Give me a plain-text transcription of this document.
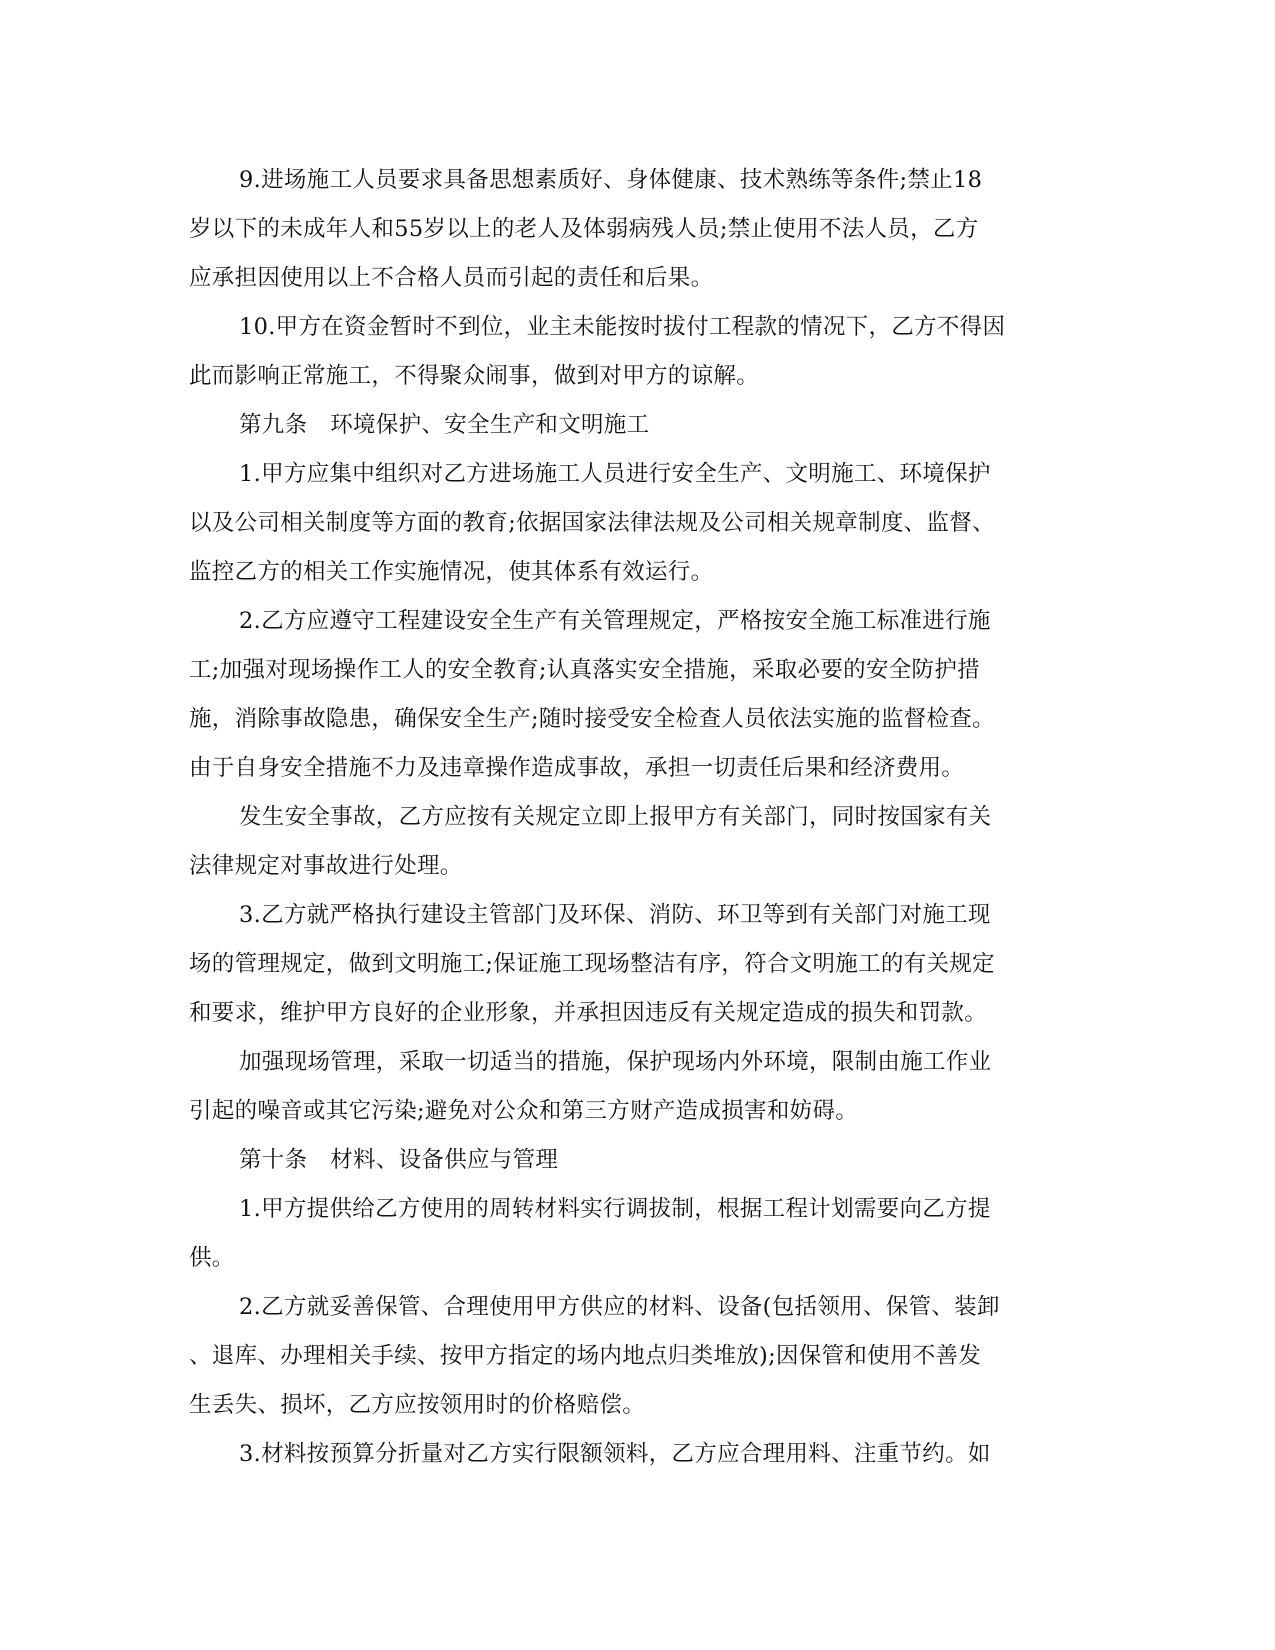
9.进场施工人员要求具备思想素质好、身体健康、技术熟练等条件;禁止18
岁以下的未成年人和55岁以上的老人及体弱病残人员;禁止使用不法人员，乙方
应承担因使用以上不合格人员而引起的责任和后果。
10.甲方在资金暂时不到位，业主未能按时拔付工程款的情况下，乙方不得因
此而影响正常施工，不得聚众闹事，做到对甲方的谅解。
第九条　环境保护、安全生产和文明施工
1.甲方应集中组织对乙方进场施工人员进行安全生产、文明施工、环境保护
以及公司相关制度等方面的教育;依据国家法律法规及公司相关规章制度、监督、
监控乙方的相关工作实施情况，使其体系有效运行。
2.乙方应遵守工程建设安全生产有关管理规定，严格按安全施工标准进行施
工;加强对现场操作工人的安全教育;认真落实安全措施，采取必要的安全防护措
施，消除事故隐患，确保安全生产;随时接受安全检查人员依法实施的监督检查。
由于自身安全措施不力及违章操作造成事故，承担一切责任后果和经济费用。
发生安全事故，乙方应按有关规定立即上报甲方有关部门，同时按国家有关
法律规定对事故进行处理。
3.乙方就严格执行建设主管部门及环保、消防、环卫等到有关部门对施工现
场的管理规定，做到文明施工;保证施工现场整洁有序，符合文明施工的有关规定
和要求，维护甲方良好的企业形象，并承担因违反有关规定造成的损失和罚款。
加强现场管理，采取一切适当的措施，保护现场内外环境，限制由施工作业
引起的噪音或其它污染;避免对公众和第三方财产造成损害和妨碍。
第十条　材料、设备供应与管理
1.甲方提供给乙方使用的周转材料实行调拔制，根据工程计划需要向乙方提
供。
2.乙方就妥善保管、合理使用甲方供应的材料、设备(包括领用、保管、装卸
、退库、办理相关手续、按甲方指定的场内地点归类堆放);因保管和使用不善发
生丢失、损坏，乙方应按领用时的价格赔偿。
3.材料按预算分折量对乙方实行限额领料，乙方应合理用料、注重节约。如
